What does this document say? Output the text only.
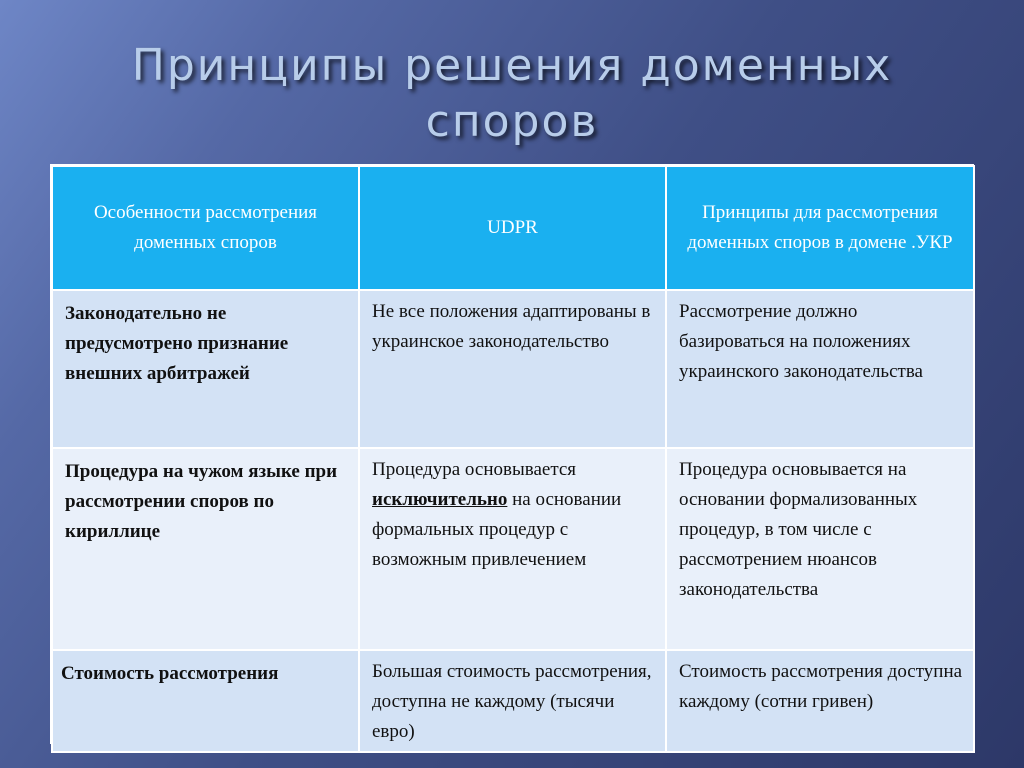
Принципы решения доменных
споров
Особенности рассмотрения доменных споров	UDPR	Принципы для рассмотрения доменных споров в домене .УКР
Законодательно не предусмотрено признание внешних арбитражей	Не все положения адаптированы в украинское законодательство	Рассмотрение должно базироваться на положениях украинского законодательства
Процедура на чужом языке при рассмотрении споров по кириллице	Процедура основывается исключительно на основании формальных процедур с возможным привлечением	Процедура основывается на основании формализованных процедур, в том числе с рассмотрением нюансов законодательства
Стоимость рассмотрения	Большая стоимость рассмотрения, доступна не каждому (тысячи евро)	Стоимость рассмотрения доступна каждому (сотни гривен)
